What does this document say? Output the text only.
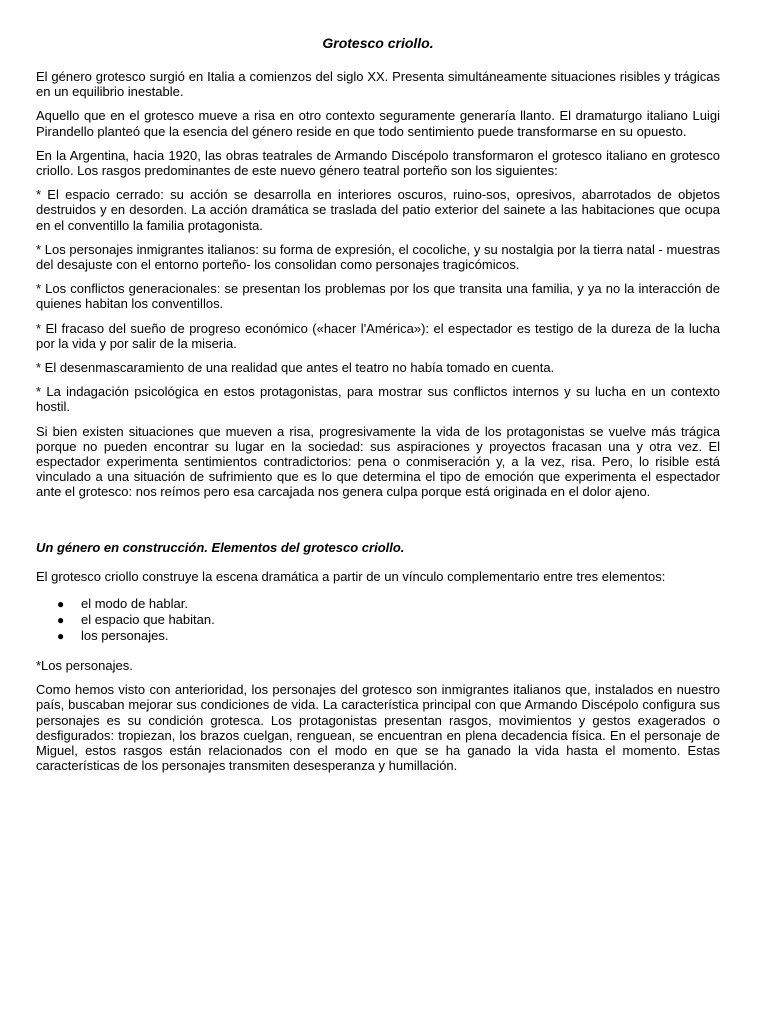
Grotesco criollo.

El género grotesco surgió en Italia a comienzos del siglo XX. Presenta simultáneamente situaciones risibles y trágicas en un equilibrio inestable.

Aquello que en el grotesco mueve a risa en otro contexto seguramente generaría llanto. El dramaturgo italiano Luigi Pirandello planteó que la esencia del género reside en que todo sentimiento puede transformarse en su opuesto.

En la Argentina, hacia 1920, las obras teatrales de Armando Discépolo transformaron el grotesco italiano en grotesco criollo. Los rasgos predominantes de este nuevo género teatral porteño son los siguientes:

* El espacio cerrado: su acción se desarrolla en interiores oscuros, ruino-sos, opresivos, abarrotados de objetos destruidos y en desorden. La acción dramática se traslada del patio exterior del sainete a las habitaciones que ocupa en el conventillo la familia protagonista.

* Los personajes inmigrantes italianos: su forma de expresión, el cocoliche, y su nostalgia por la tierra natal - muestras del desajuste con el entorno porteño- los consolidan como personajes tragicómicos.

* Los conflictos generacionales: se presentan los problemas por los que transita una familia, y ya no la interacción de quienes habitan los conventillos.

* El fracaso del sueño de progreso económico («hacer l'América»): el espectador es testigo de la dureza de la lucha por la vida y por salir de la miseria.

* El desenmascaramiento de una realidad que antes el teatro no había tomado en cuenta.

* La indagación psicológica en estos protagonistas, para mostrar sus conflictos internos y su lucha en un contexto hostil.

Si bien existen situaciones que mueven a risa, progresivamente la vida de los protagonistas se vuelve más trágica porque no pueden encontrar su lugar en la sociedad: sus aspiraciones y proyectos fracasan una y otra vez. El espectador experimenta sentimientos contradictorios: pena o conmiseración y, a la vez, risa. Pero, lo risible está vinculado a una situación de sufrimiento que es lo que determina el tipo de emoción que experimenta el espectador ante el grotesco: nos reímos pero esa carcajada nos genera culpa porque está originada en el dolor ajeno.

Un género en construcción. Elementos del grotesco criollo.

El grotesco criollo construye la escena dramática a partir de un vínculo complementario entre tres elementos:

● el modo de hablar.
● el espacio que habitan.
● los personajes.

*Los personajes.

Como hemos visto con anterioridad, los personajes del grotesco son inmigrantes italianos que, instalados en nuestro país, buscaban mejorar sus condiciones de vida. La característica principal con que Armando Discépolo configura sus personajes es su condición grotesca. Los protagonistas presentan rasgos, movimientos y gestos exagerados o desfigurados: tropiezan, los brazos cuelgan, renguean, se encuentran en plena decadencia física. En el personaje de Miguel, estos rasgos están relacionados con el modo en que se ha ganado la vida hasta el momento. Estas características de los personajes transmiten desesperanza y humillación.
